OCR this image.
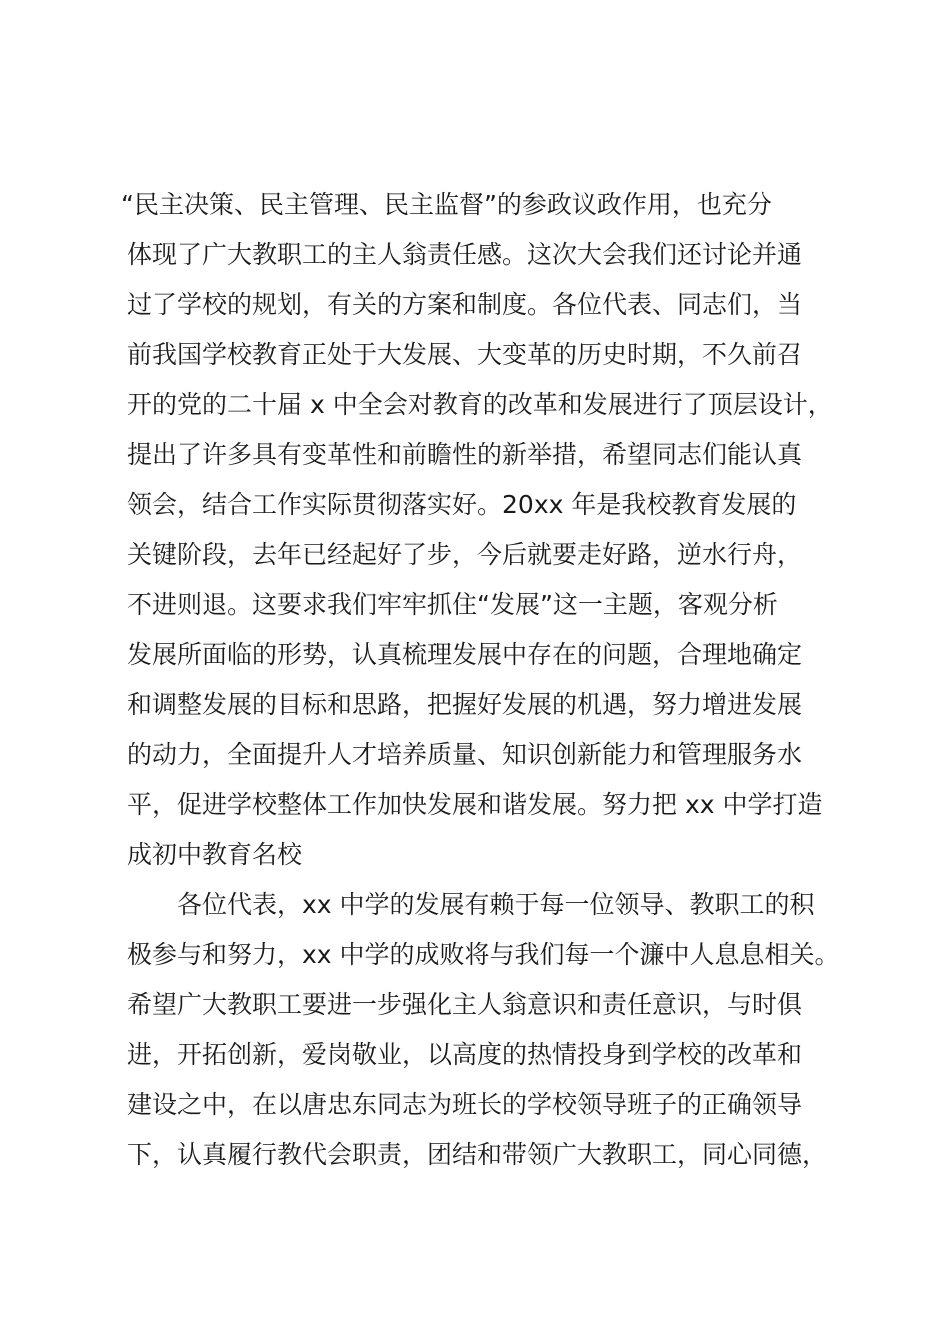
“民主决策、民主管理、民主监督”的参政议政作用，也充分
体现了广大教职工的主人翁责任感。这次大会我们还讨论并通
过了学校的规划，有关的方案和制度。各位代表、同志们，当
前我国学校教育正处于大发展、大变革的历史时期，不久前召
开的党的二十届 x 中全会对教育的改革和发展进行了顶层设计，
提出了许多具有变革性和前瞻性的新举措，希望同志们能认真
领会，结合工作实际贯彻落实好。20xx 年是我校教育发展的
关键阶段，去年已经起好了步，今后就要走好路，逆水行舟，
不进则退。这要求我们牢牢抓住“发展”这一主题，客观分析
发展所面临的形势，认真梳理发展中存在的问题，合理地确定
和调整发展的目标和思路，把握好发展的机遇，努力增进发展
的动力，全面提升人才培养质量、知识创新能力和管理服务水
平，促进学校整体工作加快发展和谐发展。努力把 xx 中学打造
成初中教育名校
各位代表，xx 中学的发展有赖于每一位领导、教职工的积
极参与和努力，xx 中学的成败将与我们每一个濂中人息息相关。
希望广大教职工要进一步强化主人翁意识和责任意识，与时俱
进，开拓创新，爱岗敬业，以高度的热情投身到学校的改革和
建设之中，在以唐忠东同志为班长的学校领导班子的正确领导
下，认真履行教代会职责，团结和带领广大教职工，同心同德，
